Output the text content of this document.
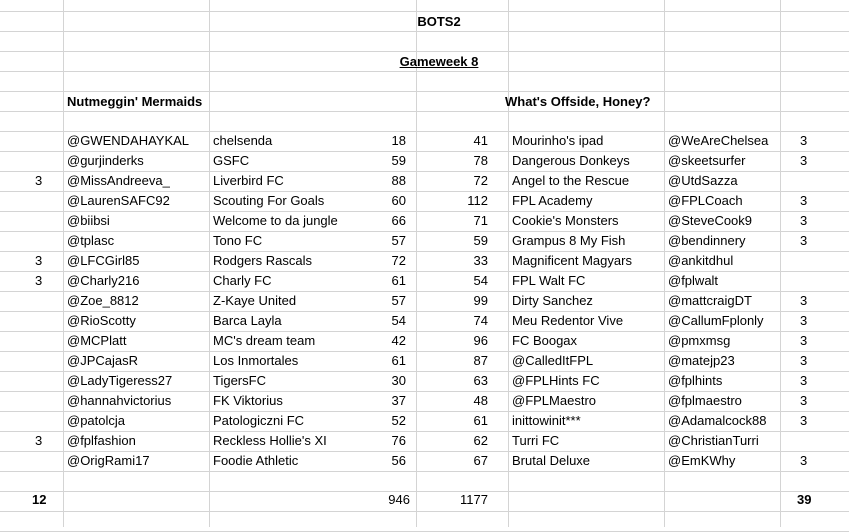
BOTS2
Gameweek 8
Nutmeggin' Mermaids	What's Offside, Honey?
@GWENDAHAYKAL	chelsenda	18	41 Mourinho's ipad	@WeAreChelsea	3
@gurjinderks	GSFC	59	78 Dangerous Donkeys	@skeetsurfer	3
3	@MissAndreeva_	Liverbird FC	88	72 Angel to the Rescue	@UtdSazza
@LaurenSAFC92	Scouting For Goals	60	112 FPL Academy	@FPLCoach	3
@biibsi	Welcome to da jungle	66	71 Cookie's Monsters	@SteveCook9	3
@tplasc	Tono FC	57	59 Grampus 8 My Fish	@bendinnery	3
3	@LFCGirl85	Rodgers Rascals	72	33 Magnificent Magyars	@ankitdhul
3	@Charly216	Charly FC	61	54 FPL Walt FC	@fplwalt
@Zoe_8812	Z-Kaye United	57	99 Dirty Sanchez	@mattcraigDT	3
@RioScotty	Barca Layla	54	74 Meu Redentor Vive	@CallumFplonly	3
@MCPlatt	MC's dream team	42	96 FC Boogax	@pmxmsg	3
@JPCajasR	Los Inmortales	61	87 @CalledItFPL	@matejp23	3
@LadyTigeress27	TigersFC	30	63 @FPLHints FC	@fplhints	3
@hannahvictorius	FK Viktorius	37	48 @FPLMaestro	@fplmaestro	3
@patolcja	Patologiczni FC	52	61 inittowinit***	@Adamalcock88	3
3	@fplfashion	Reckless Hollie's XI	76	62 Turri FC	@ChristianTurri
@OrigRami17	Foodie Athletic	56	67 Brutal Deluxe	@EmKWhy	3
12	946	1177	39
